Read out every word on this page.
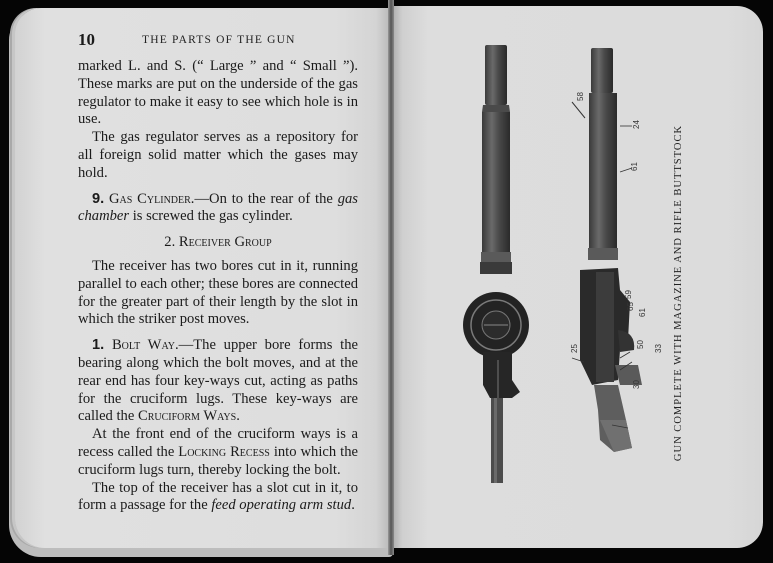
10	THE PARTS OF THE GUN

marked L. and S. (“ Large ” and “ Small ”). These marks are put on the underside of the gas regulator to make it easy to see which hole is in use.

The gas regulator serves as a repository for all foreign solid matter which the gases may hold.

9. Gas Cylinder.—On to the rear of the gas chamber is screwed the gas cylinder.

2. Receiver Group

The receiver has two bores cut in it, running parallel to each other; these bores are connected for the greater part of their length by the slot in which the striker post moves.

1. Bolt Way.—The upper bore forms the bearing along which the bolt moves, and at the rear end has four key-ways cut, acting as paths for the cruciform lugs. These key-ways are called the Cruciform Ways.

At the front end of the cruciform ways is a recess called the Locking Recess into which the cruciform lugs turn, thereby locking the bolt.

The top of the receiver has a slot cut in it, to form a passage for the feed operating arm stud.

58
24
61
59
65
61
25	50 33
30	GUN COMPLETE WITH MAGAZINE AND RIFLE BUTTSTOCK
